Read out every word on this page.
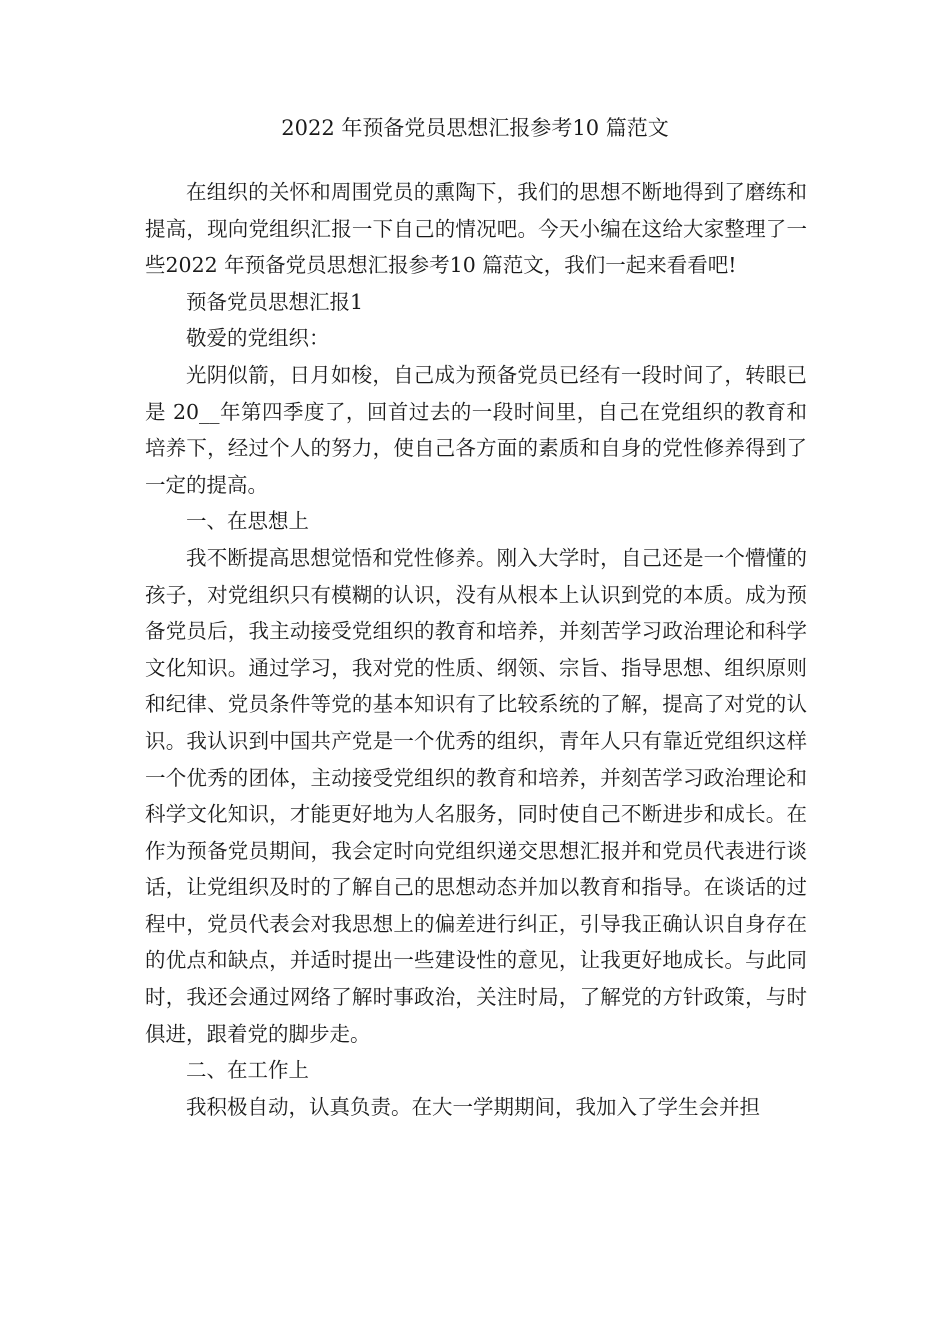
2022 年预备党员思想汇报参考10 篇范文

在组织的关怀和周围党员的熏陶下，我们的思想不断地得到了磨练和提高，现向党组织汇报一下自己的情况吧。今天小编在这给大家整理了一些2022 年预备党员思想汇报参考10 篇范文，我们一起来看看吧!

预备党员思想汇报1

敬爱的党组织：

光阴似箭，日月如梭，自己成为预备党员已经有一段时间了，转眼已是 20__年第四季度了，回首过去的一段时间里，自己在党组织的教育和培养下，经过个人的努力，使自己各方面的素质和自身的党性修养得到了一定的提高。

一、在思想上

我不断提高思想觉悟和党性修养。刚入大学时，自己还是一个懵懂的孩子，对党组织只有模糊的认识，没有从根本上认识到党的本质。成为预备党员后，我主动接受党组织的教育和培养，并刻苦学习政治理论和科学文化知识。通过学习，我对党的性质、纲领、宗旨、指导思想、组织原则和纪律、党员条件等党的基本知识有了比较系统的了解，提高了对党的认识。我认识到中国共产党是一个优秀的组织，青年人只有靠近党组织这样一个优秀的团体，主动接受党组织的教育和培养，并刻苦学习政治理论和科学文化知识，才能更好地为人名服务，同时使自己不断进步和成长。在作为预备党员期间，我会定时向党组织递交思想汇报并和党员代表进行谈话，让党组织及时的了解自己的思想动态并加以教育和指导。在谈话的过程中，党员代表会对我思想上的偏差进行纠正，引导我正确认识自身存在的优点和缺点，并适时提出一些建设性的意见，让我更好地成长。与此同时，我还会通过网络了解时事政治，关注时局，了解党的方针政策，与时俱进，跟着党的脚步走。

二、在工作上

我积极自动，认真负责。在大一学期期间，我加入了学生会并担
